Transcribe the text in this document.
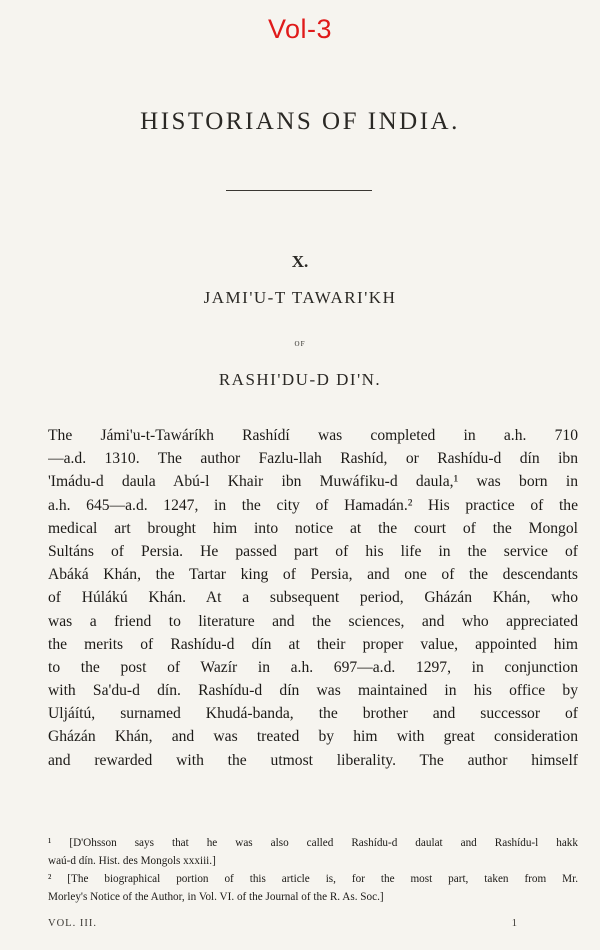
Vol-3
HISTORIANS OF INDIA.
X.
JAMI'U-T TAWARI'KH
OF
RASHI'DU-D DI'N.
The Jámi'u-t-Tawáríkh Rashídí was completed in a.h. 710
—a.d. 1310. The author Fazlu-llah Rashíd, or Rashídu-d dín ibn
'Imádu-d daula Abú-l Khair ibn Muwáfiku-d daula,¹ was born in
a.h. 645—a.d. 1247, in the city of Hamadán.² His practice of the
medical art brought him into notice at the court of the Mongol
Sultáns of Persia. He passed part of his life in the service of
Abáká Khán, the Tartar king of Persia, and one of the descendants
of Húlákú Khán. At a subsequent period, Gházán Khán, who
was a friend to literature and the sciences, and who appreciated
the merits of Rashídu-d dín at their proper value, appointed him
to the post of Wazír in a.h. 697—a.d. 1297, in conjunction
with Sa'du-d dín. Rashídu-d dín was maintained in his office by
Uljáítú, surnamed Khudá-banda, the brother and successor of
Gházán Khán, and was treated by him with great consideration
and rewarded with the utmost liberality. The author himself
¹ [D'Ohsson says that he was also called Rashídu-d daulat and Rashídu-l hakk
waú-d dín. Hist. des Mongols xxxiii.]
² [The biographical portion of this article is, for the most part, taken from Mr.
Morley's Notice of the Author, in Vol. VI. of the Journal of the R. As. Soc.]
VOL. III.	1
